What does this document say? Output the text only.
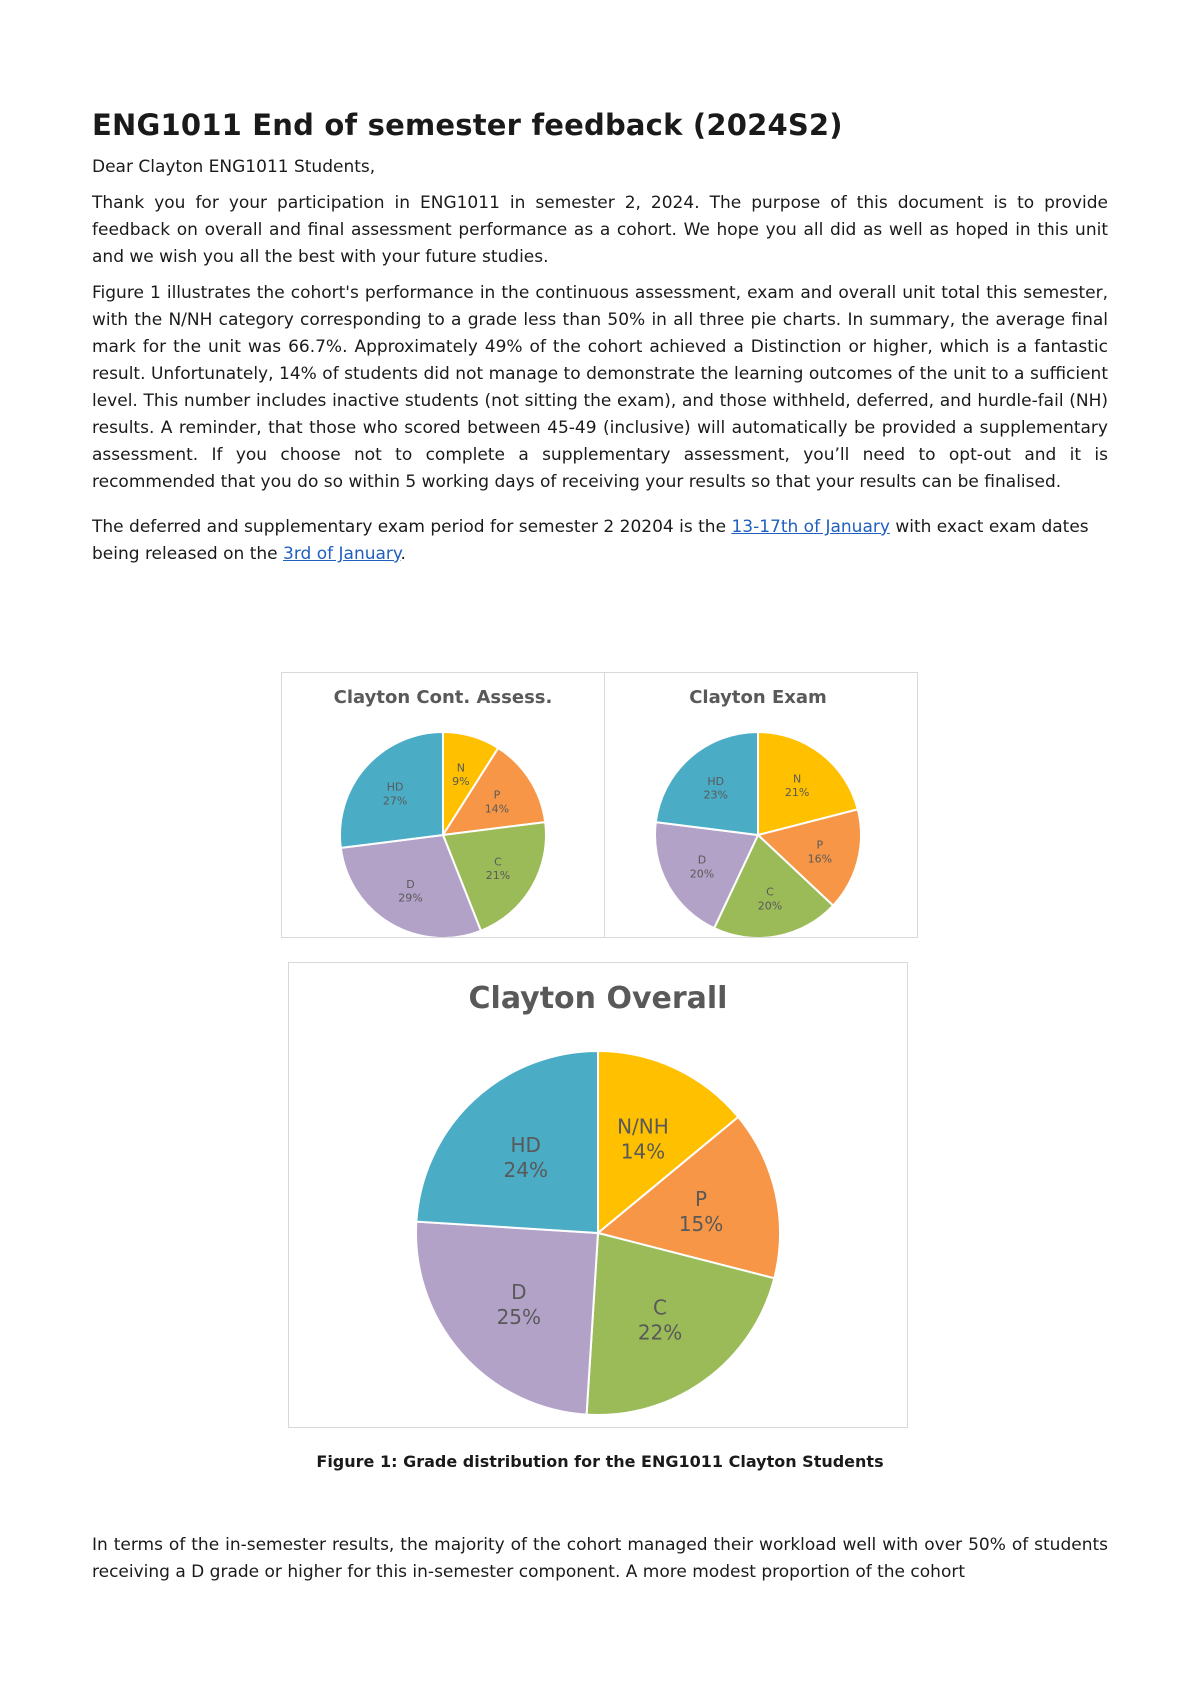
ENG1011 End of semester feedback (2024S2)

Dear Clayton ENG1011 Students,

Thank you for your participation in ENG1011 in semester 2, 2024. The purpose of this document is to provide feedback on overall and final assessment performance as a cohort. We hope you all did as well as hoped in this unit and we wish you all the best with your future studies.

Figure 1 illustrates the cohort's performance in the continuous assessment, exam and overall unit total this semester, with the N/NH category corresponding to a grade less than 50% in all three pie charts. In summary, the average final mark for the unit was 66.7%. Approximately 49% of the cohort achieved a Distinction or higher, which is a fantastic result. Unfortunately, 14% of students did not manage to demonstrate the learning outcomes of the unit to a sufficient level. This number includes inactive students (not sitting the exam), and those withheld, deferred, and hurdle-fail (NH) results. A reminder, that those who scored between 45-49 (inclusive) will automatically be provided a supplementary assessment. If you choose not to complete a supplementary assessment, you’ll need to opt-out and it is recommended that you do so within 5 working days of receiving your results so that your results can be finalised.

The deferred and supplementary exam period for semester 2 20204 is the 13-17th of January with exact exam dates being released on the 3rd of January.

Clayton Cont. Assess.
N 9%
P 14%
C 21%
D 29%
HD 27%
Clayton Exam
N 21%
P 16%
C 20%
D 20%
HD 23%
Clayton Overall
N/NH 14%
P 15%
C 22%
D 25%
HD 24%
Figure 1: Grade distribution for the ENG1011 Clayton Students

In terms of the in-semester results, the majority of the cohort managed their workload well with over 50% of students receiving a D grade or higher for this in-semester component. A more modest proportion of the cohort
